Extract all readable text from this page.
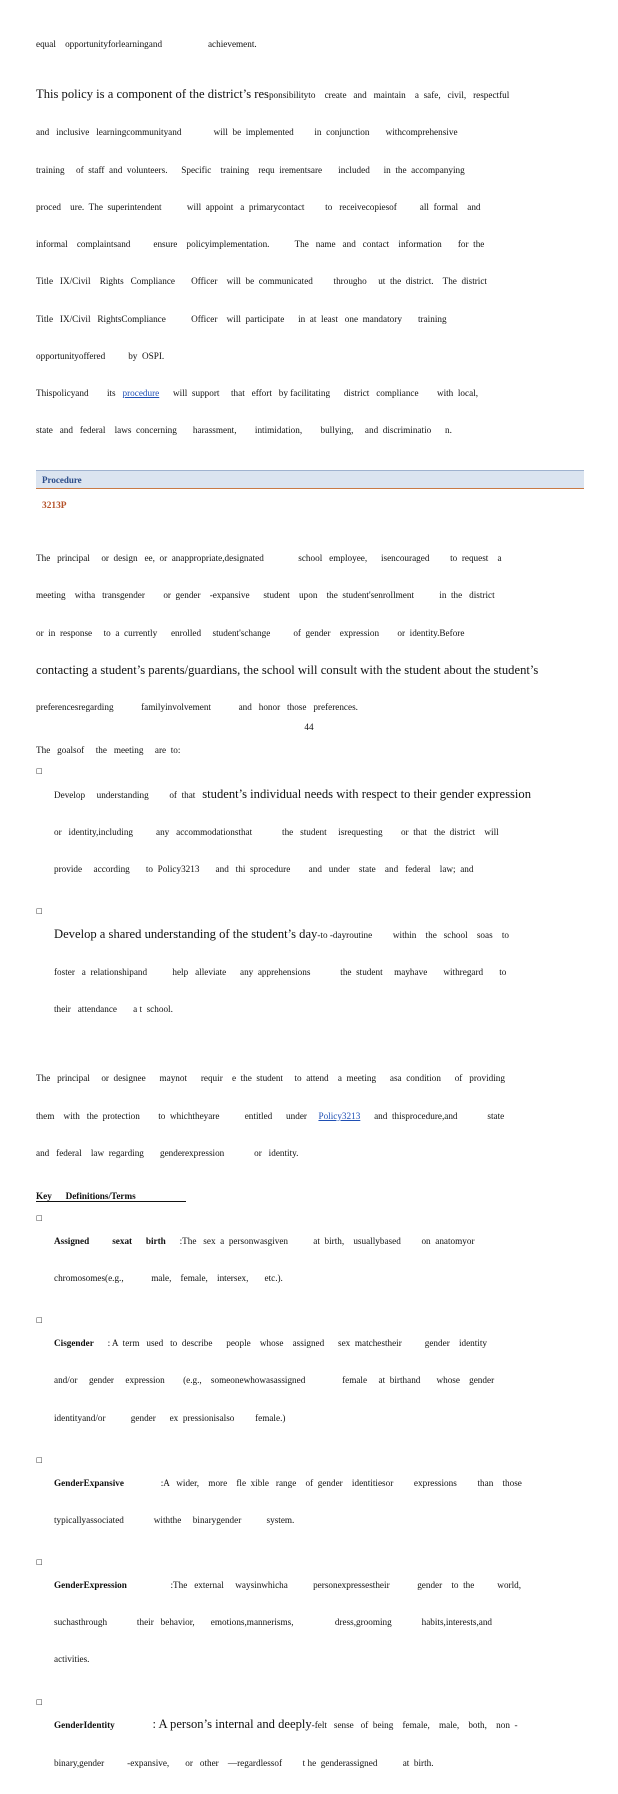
equal    opportunityforlearningand                    achievement.

This policy is a component of the district’s responsibilityto    create   and   maintain    a  safe,   civil,   respectful

and   inclusive   learningcommunityand              will  be  implemented         in  conjunction       withcomprehensive

training     of  staff  and  volunteers.      Specific    training    requ  irementsare       included      in  the  accompanying

proced    ure.  The  superintendent           will  appoint   a  primarycontact         to   receivecopiesof          all  formal    and

informal    complaintsand          ensure    policyimplementation.           The   name   and   contact    information       for  the

Title   IX/Civil    Rights   Compliance       Officer    will  be  communicated         througho     ut  the  district.    The  district

Title   IX/Civil   RightsCompliance           Officer    will  participate      in  at  least   one  mandatory       training

opportunityoffered          by  OSPI.

Thispolicyand        its   procedure      will  support     that   effort   by facilitating      district   compliance        with  local,

state   and   federal    laws  concerning       harassment,        intimidation,        bullying,     and  discriminatio      n.

Procedure

3213P

The   principal     or  design   ee,  or  anappropriate,designated               school   employee,      isencouraged         to  request    a

meeting    witha   transgender        or  gender    -expansive      student    upon    the  student'senrollment           in  the   district

or  in  response     to  a  currently      enrolled     student'schange          of  gender    expression        or  identity.Before

contacting a student’s parents/guardians, the school will consult with the student about the student’s

preferencesregarding            familyinvolvement            and   honor   those   preferences.

The   goalsof     the   meeting     are  to:

□

Develop     understanding         of  that   student’s individual needs with respect to their gender expression

or   identity,including          any   accommodationsthat             the   student     isrequesting        or  that   the  district    will

provide     according       to  Policy3213       and   thi  sprocedure        and   under    state    and   federal    law;  and

□

Develop a shared understanding of the student’s day-to -dayroutine         within    the   school    soas    to

foster   a  relationshipand           help   alleviate      any  apprehensions             the  student     mayhave       withregard       to

their   attendance       a t  school.

The   principal     or  designee      maynot      requir    e  the  student     to  attend    a  meeting      asa  condition      of   providing

them    with   the  protection        to  whichtheyare           entitled      under     Policy3213      and  thisprocedure,and             state

and   federal    law  regarding       genderexpression             or   identity.

Key      Definitions/Terms
□

Assigned          sexat      birth      :The   sex  a  personwasgiven           at  birth,    usuallybased         on  anatomyor

chromosomes(e.g.,            male,    female,    intersex,       etc.).

□

Cisgender      : A  term   used   to  describe      people    whose    assigned      sex  matchestheir          gender    identity

and/or     gender     expression        (e.g.,    someonewhowasassigned                female     at  birthand       whose    gender

identityand/or           gender      ex  pressionisalso         female.)

□

GenderExpansive                :A   wider,    more    fle  xible   range    of  gender    identitiesor         expressions         than    those

typicallyassociated             withthe     binarygender           system.

□

GenderExpression                   :The   external     waysinwhicha           personexpressestheir            gender    to  the          world,

suchasthrough             their   behavior,       emotions,mannerisms,                  dress,grooming             habits,interests,and

activities.

□

GenderIdentity            : A person’s internal and deeply-felt   sense   of  being    female,    male,    both,    non  -

binary,gender          -expansive,       or   other    —regardlessof         t he  genderassigned           at  birth.

44
